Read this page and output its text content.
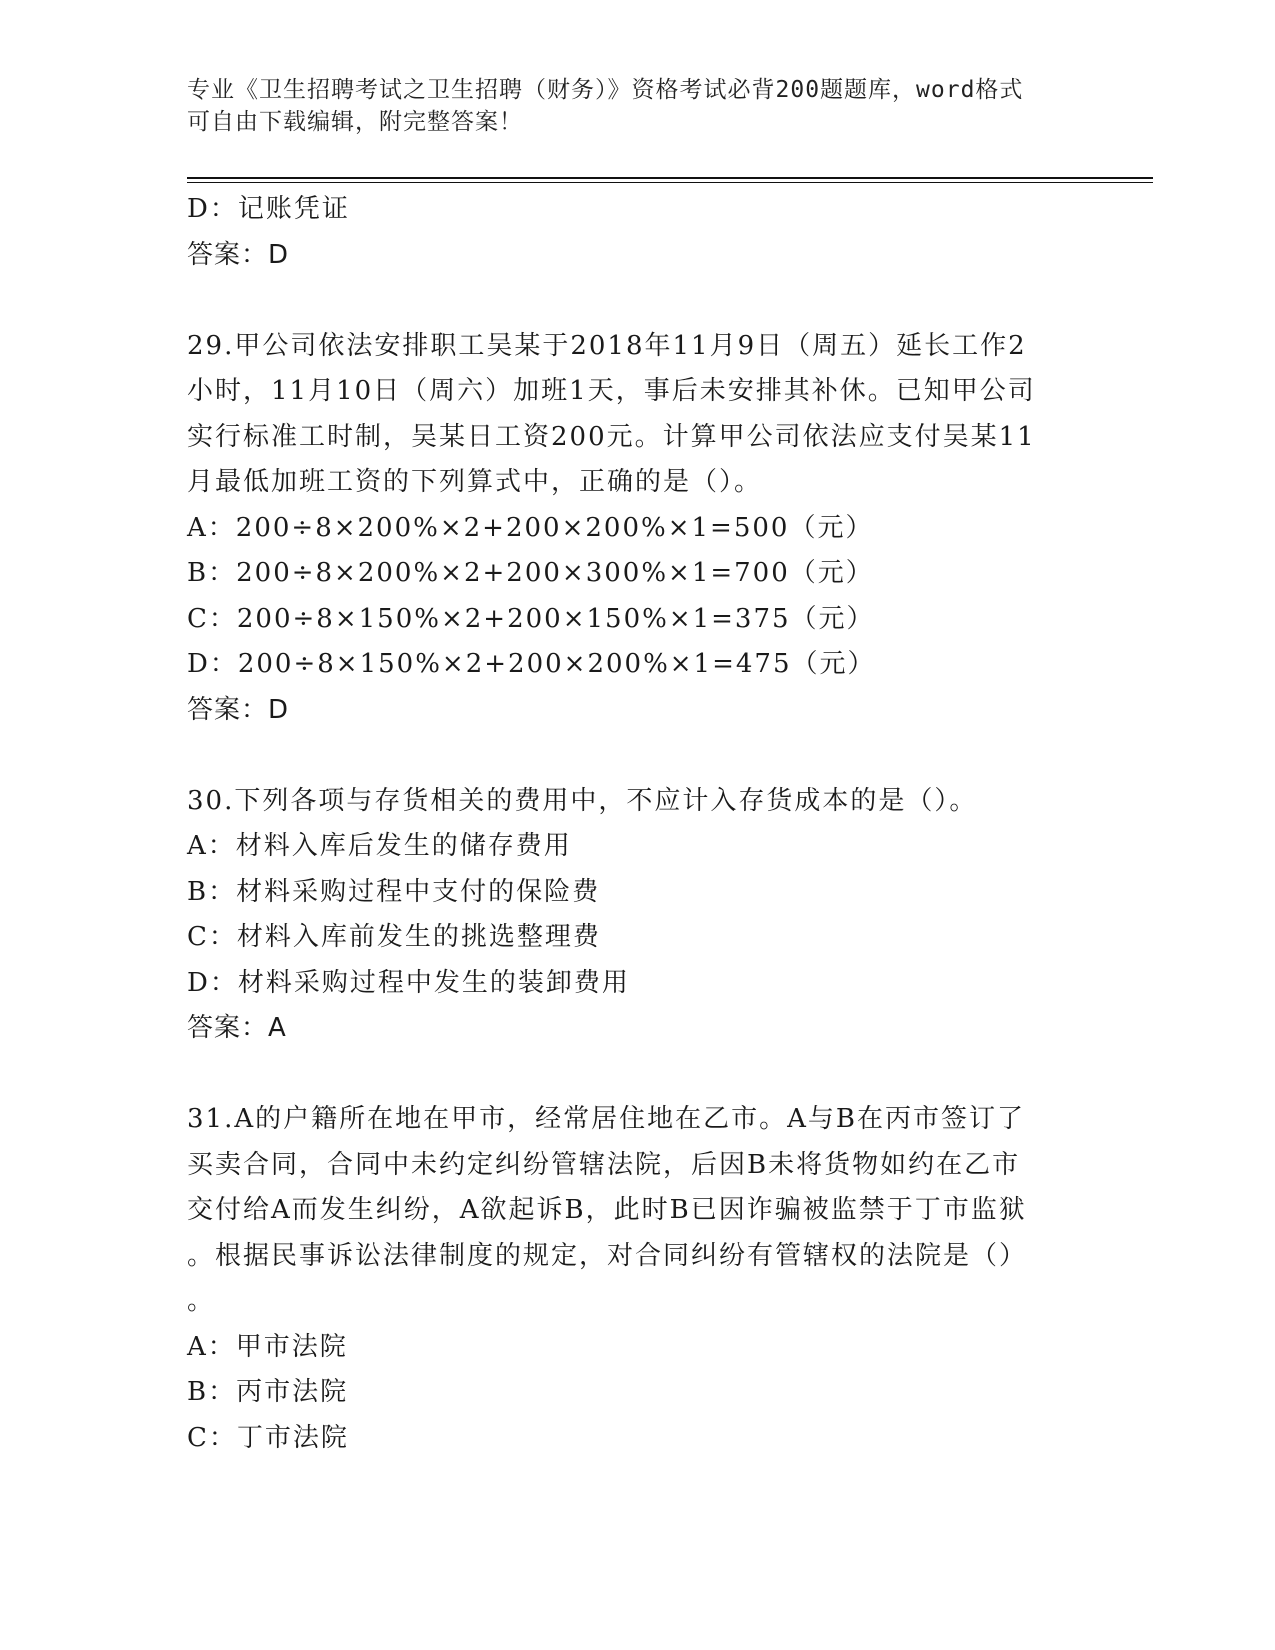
专业《卫生招聘考试之卫生招聘（财务）》资格考试必背200题题库，word格式

可自由下载编辑，附完整答案！

D：记账凭证
答案：D
29.甲公司依法安排职工吴某于2018年11月9日（周五）延长工作2
小时，11月10日（周六）加班1天，事后未安排其补休。已知甲公司
实行标准工时制，吴某日工资200元。计算甲公司依法应支付吴某11
月最低加班工资的下列算式中，正确的是（）。
A：200÷8×200%×2+200×200%×1=500（元）
B：200÷8×200%×2+200×300%×1=700（元）
C：200÷8×150%×2+200×150%×1=375（元）
D：200÷8×150%×2+200×200%×1=475（元）
答案：D
30.下列各项与存货相关的费用中，不应计入存货成本的是（）。
A：材料入库后发生的储存费用
B：材料采购过程中支付的保险费
C：材料入库前发生的挑选整理费
D：材料采购过程中发生的装卸费用
答案：A
31.A的户籍所在地在甲市，经常居住地在乙市。A与B在丙市签订了
买卖合同，合同中未约定纠纷管辖法院，后因B未将货物如约在乙市
交付给A而发生纠纷，A欲起诉B，此时B已因诈骗被监禁于丁市监狱
。根据民事诉讼法律制度的规定，对合同纠纷有管辖权的法院是（）
。
A：甲市法院
B：丙市法院
C：丁市法院
